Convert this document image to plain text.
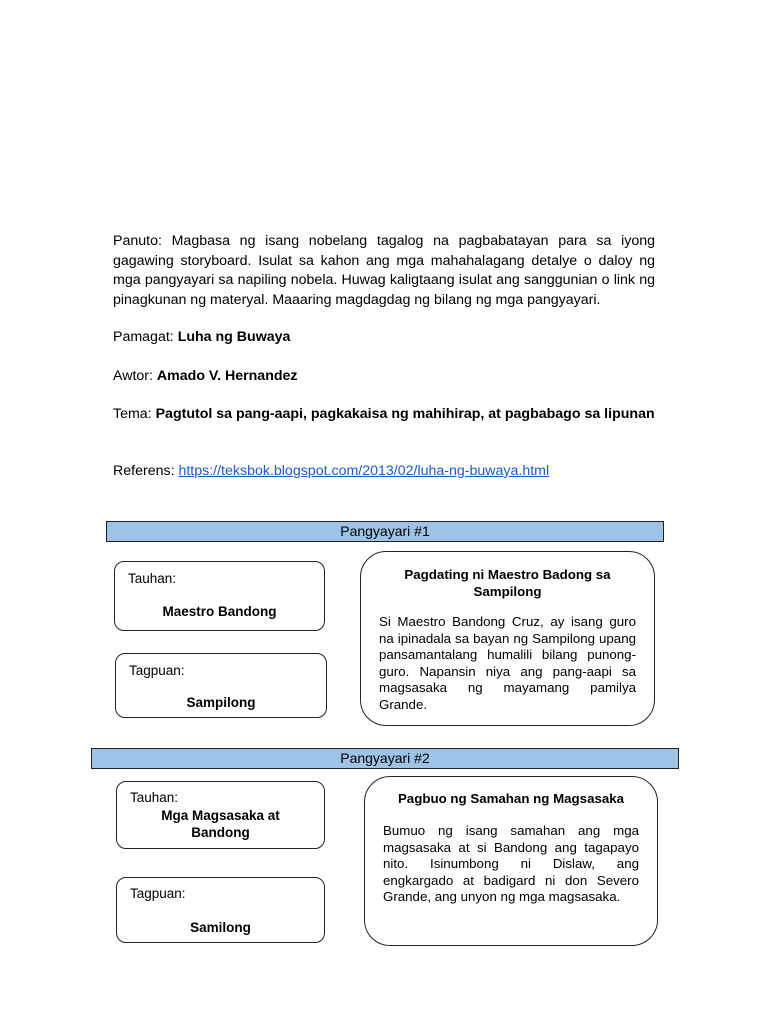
Panuto: Magbasa ng isang nobelang tagalog na pagbabatayan para sa iyong gagawing storyboard. Isulat sa kahon ang mga mahahalagang detalye o daloy ng mga pangyayari sa napiling nobela. Huwag kaligtaang isulat ang sanggunian o link ng pinagkunan ng materyal. Maaaring magdagdag ng bilang ng mga pangyayari.

Pamagat: Luha ng Buwaya

Awtor: Amado V. Hernandez

Tema: Pagtutol sa pang-aapi, pagkakaisa ng mahihirap, at pagbabago sa lipunan

Referens: https://teksbok.blogspot.com/2013/02/luha-ng-buwaya.html

Pangyayari #1
Tauhan:
Maestro Bandong
Tagpuan:
Sampilong
Pagdating ni Maestro Badong sa Sampilong

Si Maestro Bandong Cruz, ay isang guro na ipinadala sa bayan ng Sampilong upang pansamantalang humalili bilang punong-guro. Napansin niya ang pang-aapi sa magsasaka ng mayamang pamilya Grande.

Pangyayari #2
Tauhan:
Mga Magsasaka at Bandong
Tagpuan:
Samilong
Pagbuo ng Samahan ng Magsasaka

Bumuo ng isang samahan ang mga magsasaka at si Bandong ang tagapayo nito. Isinumbong ni Dislaw, ang engkargado at badigard ni don Severo Grande, ang unyon ng mga magsasaka.
